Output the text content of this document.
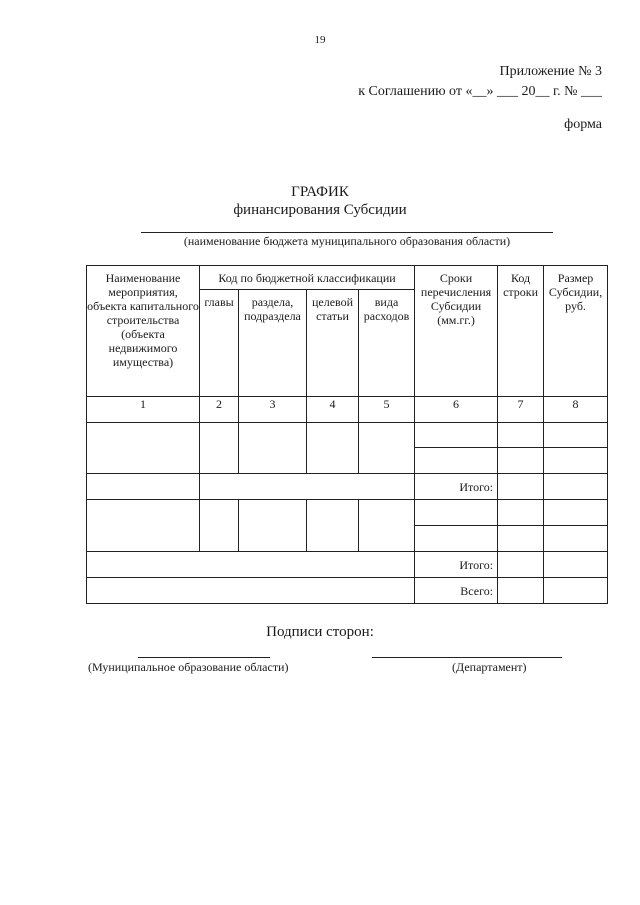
19
Приложение № 3
к Соглашению от «__» ___ 20__ г. № ___
форма
ГРАФИК
финансирования Субсидии
(наименование бюджета муниципального образования области)
Наименование мероприятия, объекта капитального строительства (объекта недвижимого имущества)	Код по бюджетной классификации				Сроки перечисления Субсидии (мм.гг.)	Код строки	Размер Субсидии, руб.
	главы	раздела, подраздела	целевой статьи	вида расходов			
1	2	3	4	5	6	7	8

					Итого:		

					Итого:		
					Всего:		
Подписи сторон:
(Муниципальное образование области)	(Департамент)
